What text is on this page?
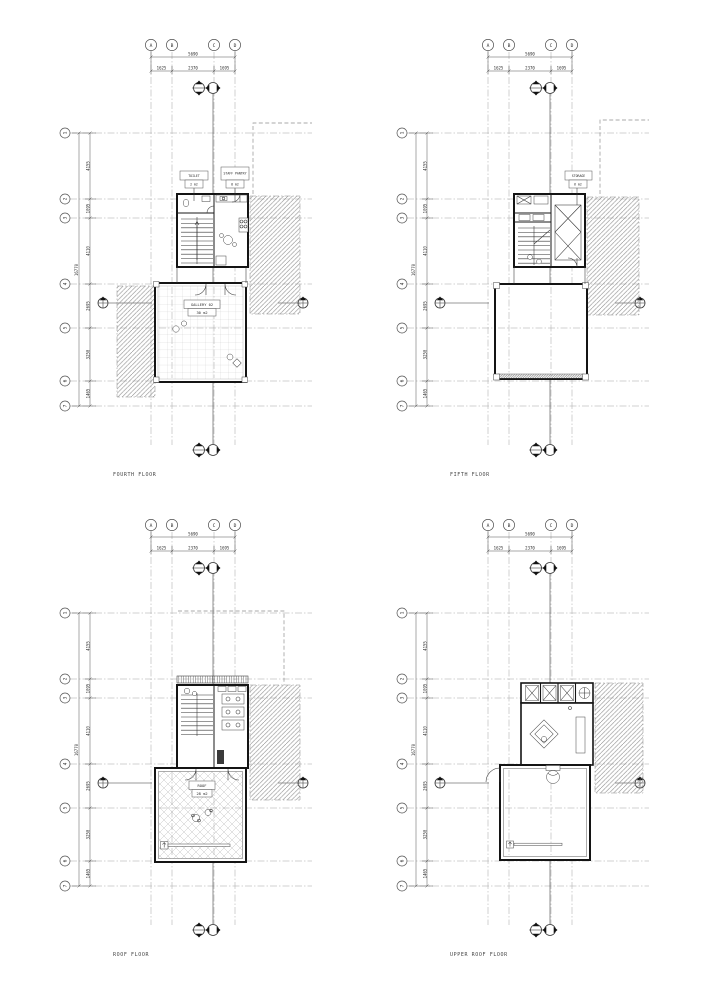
GALLERY 02
30 m2
TOILET
2 m2
STAFF PANTRY
8 m2
FOURTH FLOOR
STORAGE
6 m2
FIFTH FLOOR
ROOF
28 m2
ROOF FLOOR	UPPER ROOF FLOOR
